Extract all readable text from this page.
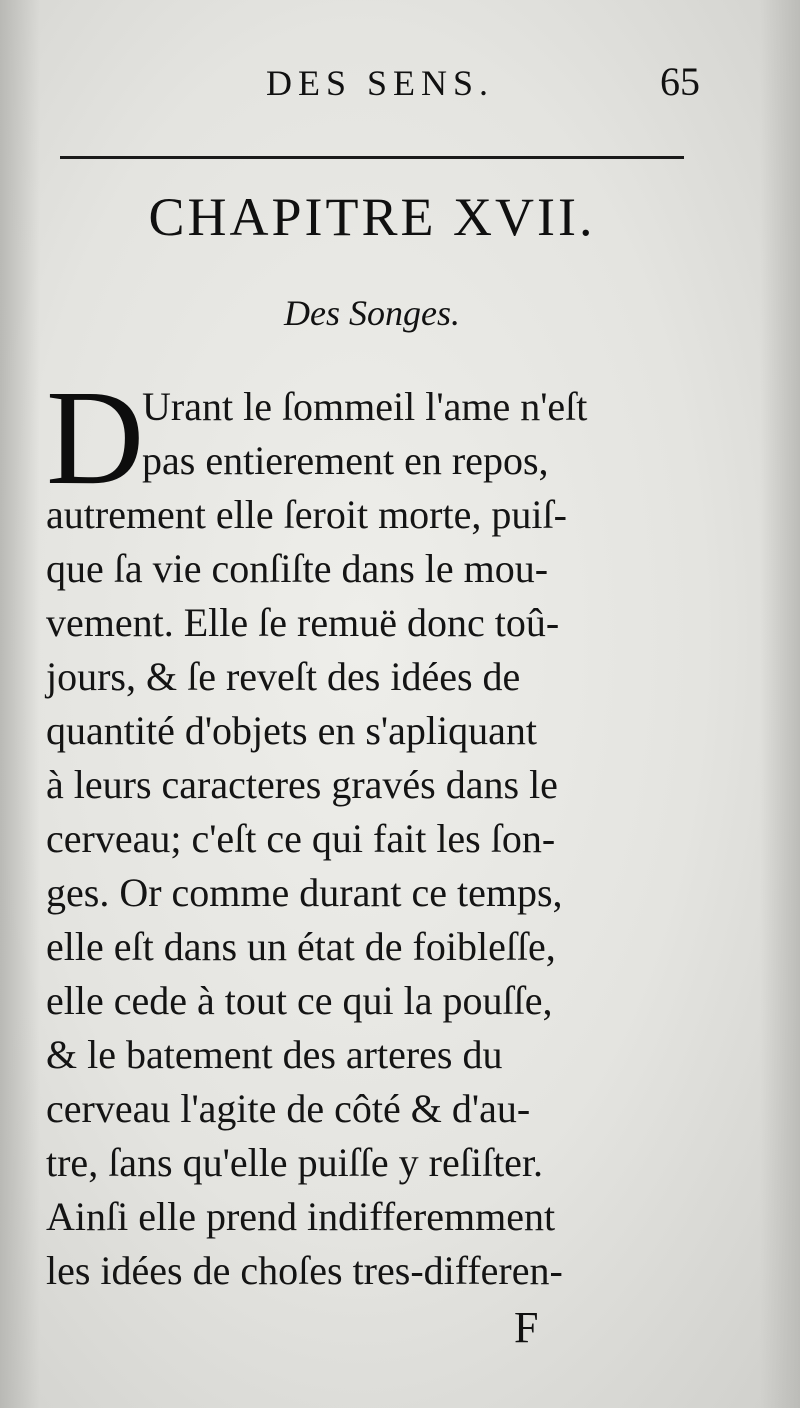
DES SENS.	65
CHAPITRE XVII.
Des Songes.
D
Urant le ſommeil l'ame n'eſt
pas entierement en repos,
autrement elle ſeroit morte, puiſ-
que ſa vie conſiſte dans le mou-
vement. Elle ſe remuë donc toû-
jours, & ſe reveſt des idées de
quantité d'objets en s'apliquant
à leurs caracteres gravés dans le
cerveau; c'eſt ce qui fait les ſon-
ges. Or comme durant ce temps,
elle eſt dans un état de foibleſſe,
elle cede à tout ce qui la pouſſe,
& le batement des arteres du
cerveau l'agite de côté & d'au-
tre, ſans qu'elle puiſſe y reſiſter.
Ainſi elle prend indifferemment
les idées de choſes tres-differen-
F
